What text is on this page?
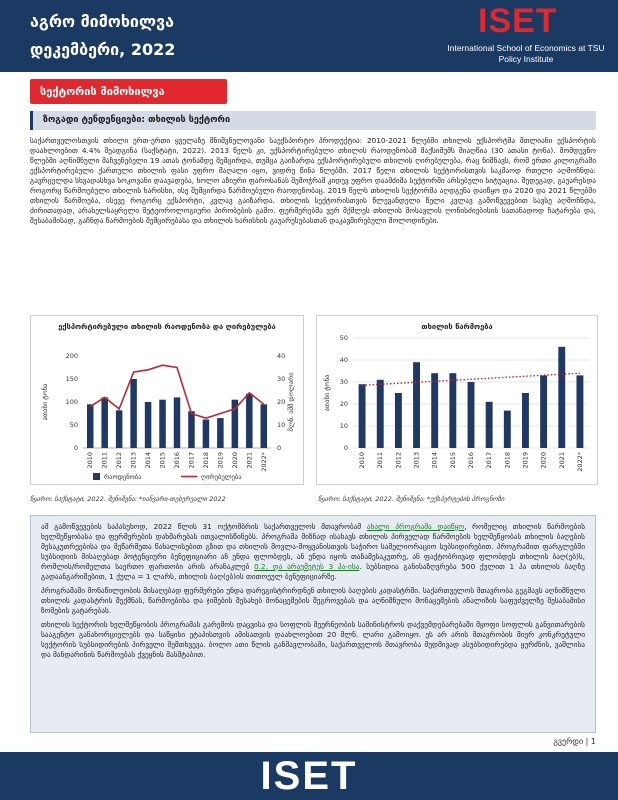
აგრო მიმოხილვა
დეკემბერი, 2022
ISET
International School of Economics at TSU
Policy Institute
სექტორის მიმოხილვა
ზოგადი ტენდენციები: თხილის სექტორი
საქართველოსთვის თხილი ერთ-ერთი ყველაზე მნიშვნელოვანი საექსპორტო პროდუქტია: 2010-2021 წლებში თხილის ექსპორტმა მთლიანი ექსპორტის დაახლოებით 4.4% შეადგინა (საქსტატი, 2022). 2013 წელს კი, ექსპორტირებული თხილის რაოდენობამ მაქსიმუმს მიაღწია (30 ათასი ტონა). მომდევნო წლებში აღნიშნული მაჩვენებელი 19 ათას ტონამდე შემცირდა, თუმცა გაიზარდა ექსპორტირებული თხილის ღირებულება, რაც ნიშნავს, რომ ერთი კილოგრამი ექსპორტირებული ქართული თხილის ფასი უფრო მაღალი იყო, ვიდრე წინა წლებში. 2017 წელი თხილის სექტორისთვის საკმაოდ რთული აღმოჩნდა: გავრცელდა სხვადასხვა სოკოვანი დაავადება, ხოლო აზიური ფაროსანას შემოჭრამ კიდევ უფრო დაამძიმა სექტორში არსებული სიტუაცია. შედეგად, გაუარესდა როგორც წარმოებული თხილის ხარისხი, ისე შემცირდა წარმოებული რაოდენობაც. 2019 წელს თხილის სექტორმა აღდგენა დაიწყო და 2020 და 2021 წლებში თხილის წარმოება, ისევე როგორც ექსპორტი, კვლავ გაიზარდა. თხილის სექტორისთვის წლევანდელი წელი კვლავ გამოწვევებით სავსე აღმოჩნდა, ძირითადად, არახელსაყრელი მეტეოროლოგიური პირობების გამო. ფერმერებმა ვერ მქმლეს თხილის მოსავლის ღონისძიებისის სათანადოდ ჩატარება და, შესაბამისად, გაჩნდა წარმოების შემცირებასა და თხილის ხარისხის გაუარესებასთან დაკავშირებული მოლოდინები.
ექსპორტირებული თხილის რაოდენობა და ღირებულება
0
50
100
150
200
0
10
20
30
40
ათასი ტონა	მლნ. აშშ დოლარი
2010 2011 2012 2013 2014 2015 2016 2017 2018 2019 2020 2021 2022*
რაოდენობა	ღირებულება
წყარო: საქსტატი, 2022. შენიშვნა: *იანვარი-თებერვალი 2022
თხილის წარმოება
0
10
20
30
40
50
ათასი ტონა
2010 2011 2012 2013 2014 2015 2016 2017 2018 2019 2020 2021 2022*
წყარო: საქსტატი, 2022. შენიშვნა: *ექსპერტების პროგნოზი

ამ გამოწვევების საპასუხოდ, 2022 წლის 31 ოქტომბრის საქართველოს მთავრობამ ახალი პროგრამა დაიწყო, რომელიც თხილის წარმოების ხელშეწყობასა და ფერმერების დახმარებას ითვალისწინებს. პროგრამა მიზნად ისახავს თხილის პირველად წარმოების ხელშეწყობას თხილის ბაღების მესაკუთრეებისა და მეწარმეთა წახალისებით გზით და თხილის მოვლა-მოყვანისთვის საჭირო სამელიორაციო სუბსიდირებით. პროგრამით ფარგლებში სუბსიდიის მისაღებად პოტენციური ბენეფიციარი ან უნდა ფლობდეს, ან უნდა იყოს თანამესაკუთრე, ან ფაქტობრივად ფლობდეს თხილის ბაღ(ებ)ს, რომლის/რომელთა საერთო ფართობი არის არანაკლებ 0.2, და არაუმეტეს 3 ჰა-ისა. სუბსიდია განისაზღვრება 500 ქულით 1 ჰა თხილის ბაღზე გადაანგარიშებით, 1 ქულა = 1 ლარს, თხილის ბაღ(ებ)ის თითოეულ ბენეფიციარზე.

პროგრამაში მონაწილეობის მისაღებად ფერმერები უნდა დარეგისტრირდნენ თხილის ბაღების კადასტრში. საქართველოს მთავრობა გეგმავს აღნიშნული თხილის კადასტრის შექმნას, წარმოებისა და ჯიშების შესახებ მონაცემების შეგროვებას და აღნიშნული მონაცემების ანალიზის საფუძველზე შესაბამისი ზომების გატარებას.

თხილის სექტორის ხელშეწყობის პროგრამას გარემოს დაცვისა და სოფლის მეურნეობის სამინისტროს დაქვემდებარებაში მყოფი სოფლის განვითარების სააგენტო განახორციელებს და საწყისი ეტაპისთვის ამისათვის დაახლოებით 20 მლნ. ლარი გამოიყო. ეს არ არის მთავრობის მიერ კონკრეტული სექტორის სუბსიდირების პირველი შემთხვევა. ბოლო ათი წლის განმავლობაში, საქართველოს მთავრობა მუდმივად ასუბსიდირებდა ყურძნის, ვაშლისა და მანდარინის წარმოებას ქვეყნის მასშტაბით.

გვერდი | 1
ISET
